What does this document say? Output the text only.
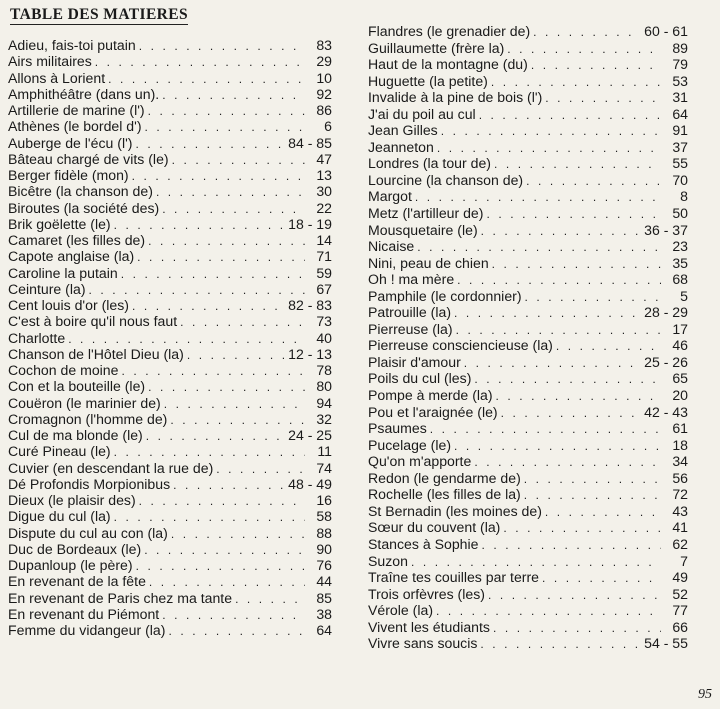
TABLE DES MATIERES
Adieu, fais-toi putain . . .	83
Airs militaires . . .	29
Allons à Lorient . . .	10
Amphithéâtre (dans un). . . .	92
Artillerie de marine (l') . . .	86
Athènes (le bordel d') . . .	6
Auberge de l'écu (l') . . .	84 - 85
Bâteau chargé de vits (le) . . .	47
Berger fidèle (mon) . . .	13
Bicêtre (la chanson de) . . .	30
Biroutes (la société des) . . .	22
Brik goëlette (le) . . .	18 - 19
Camaret (les filles de) . . .	14
Capote anglaise (la) . . .	71
Caroline la putain . . .	59
Ceinture (la) . . .	67
Cent louis d'or (les) . . .	82 - 83
C'est à boire qu'il nous faut . . .	73
Charlotte . . .	40
Chanson de l'Hôtel Dieu (la) . . .	12 - 13
Cochon de moine . . .	78
Con et la bouteille (le) . . .	80
Couëron (le marinier de) . . .	94
Cromagnon (l'homme de) . . .	32
Cul de ma blonde (le) . . .	24 - 25
Curé Pineau (le) . . .	11
Cuvier (en descendant la rue de) . . .	74
Dé Profondis Morpionibus . . .	48 - 49
Dieux (le plaisir des) . . .	16
Digue du cul (la) . . .	58
Dispute du cul au con (la) . . .	88
Duc de Bordeaux (le) . . .	90
Dupanloup (le père) . . .	76
En revenant de la fête . . .	44
En revenant de Paris chez ma tante . . .	85
En revenant du Piémont . . .	38
Femme du vidangeur (la) . . .	64
Flandres (le grenadier de) . . .	60 - 61
Guillaumette (frère la) . . .	89
Haut de la montagne (du) . . .	79
Huguette (la petite) . . .	53
Invalide à la pine de bois (l') . . .	31
J'ai du poil au cul . . .	64
Jean Gilles . . .	91
Jeanneton . . .	37
Londres (la tour de) . . .	55
Lourcine (la chanson de) . . .	70
Margot . . .	8
Metz (l'artilleur de) . . .	50
Mousquetaire (le) . . .	36 - 37
Nicaise . . .	23
Nini, peau de chien . . .	35
Oh ! ma mère . . .	68
Pamphile (le cordonnier) . . .	5
Patrouille (la) . . .	28 - 29
Pierreuse (la) . . .	17
Pierreuse consciencieuse (la) . . .	46
Plaisir d'amour . . .	25 - 26
Poils du cul (les) . . .	65
Pompe à merde (la) . . .	20
Pou et l'araignée (le) . . .	42 - 43
Psaumes . . .	61
Pucelage (le) . . .	18
Qu'on m'apporte . . .	34
Redon (le gendarme de) . . .	56
Rochelle (les filles de la) . . .	72
St Bernadin (les moines de) . . .	43
Sœur du couvent (la) . . .	41
Stances à Sophie . . .	62
Suzon . . .	7
Traîne tes couilles par terre . . .	49
Trois orfèvres (les) . . .	52
Vérole (la) . . .	77
Vivent les étudiants . . .	66
Vivre sans soucis . . .	54 - 55
95
